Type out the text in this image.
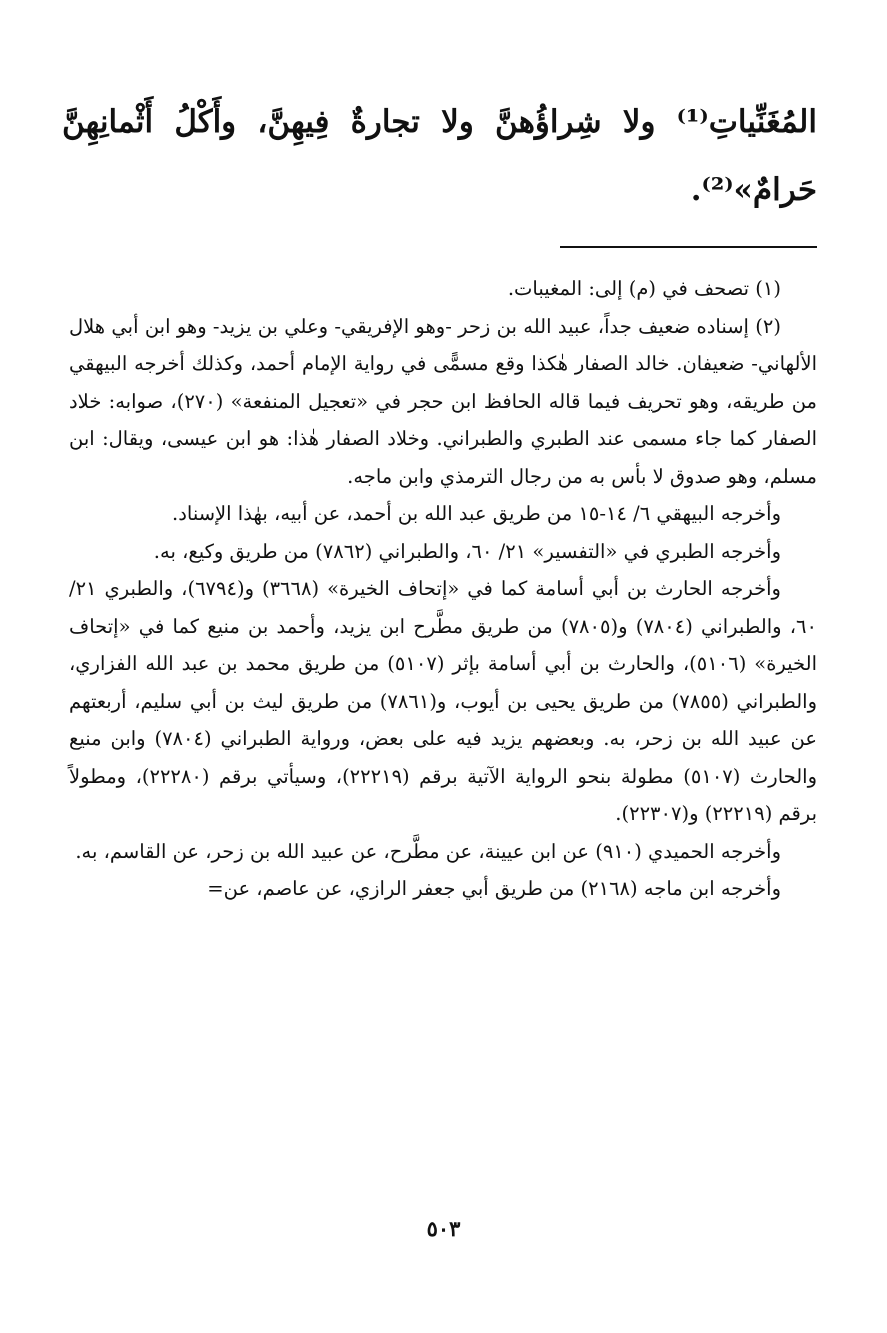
المُغَنِّياتِ⁽¹⁾ ولا شِراؤُهنَّ ولا تجارةٌ فِيهِنَّ، وأَكْلُ أَثْمانِهِنَّ حَرامٌ»⁽²⁾.

(١) تصحف في (م) إلى: المغيبات.

(٢) إسناده ضعيف جداً، عبيد الله بن زحر -وهو الإفريقي- وعلي بن يزيد- وهو ابن أبي هلال الألهاني- ضعيفان. خالد الصفار هٰكذا وقع مسمًّى في رواية الإمام أحمد، وكذلك أخرجه البيهقي من طريقه، وهو تحريف فيما قاله الحافظ ابن حجر في «تعجيل المنفعة» (٢٧٠)، صوابه: خلاد الصفار كما جاء مسمى عند الطبري والطبراني. وخلاد الصفار هٰذا: هو ابن عيسى، ويقال: ابن مسلم، وهو صدوق لا بأس به من رجال الترمذي وابن ماجه.

وأخرجه البيهقي ٦/ ١٤-١٥ من طريق عبد الله بن أحمد، عن أبيه، بهٰذا الإسناد.

وأخرجه الطبري في «التفسير» ٢١/ ٦٠، والطبراني (٧٨٦٢) من طريق وكيع، به.

وأخرجه الحارث بن أبي أسامة كما في «إتحاف الخيرة» (٣٦٦٨) و(٦٧٩٤)، والطبري ٢١/ ٦٠، والطبراني (٧٨٠٤) و(٧٨٠٥) من طريق مطَّرح ابن يزيد، وأحمد بن منيع كما في «إتحاف الخيرة» (٥١٠٦)، والحارث بن أبي أسامة بإثر (٥١٠٧) من طريق محمد بن عبد الله الفزاري، والطبراني (٧٨٥٥) من طريق يحيى بن أيوب، و(٧٨٦١) من طريق ليث بن أبي سليم، أربعتهم عن عبيد الله بن زحر، به. وبعضهم يزيد فيه على بعض، ورواية الطبراني (٧٨٠٤) وابن منيع والحارث (٥١٠٧) مطولة بنحو الرواية الآتية برقم (٢٢٢١٩)، وسيأتي برقم (٢٢٢٨٠)، ومطولاً برقم (٢٢٢١٩) و(٢٢٣٠٧).

وأخرجه الحميدي (٩١٠) عن ابن عيينة، عن مطَّرح، عن عبيد الله بن زحر، عن القاسم، به.

وأخرجه ابن ماجه (٢١٦٨) من طريق أبي جعفر الرازي، عن عاصم، عن=

٥٠٣
